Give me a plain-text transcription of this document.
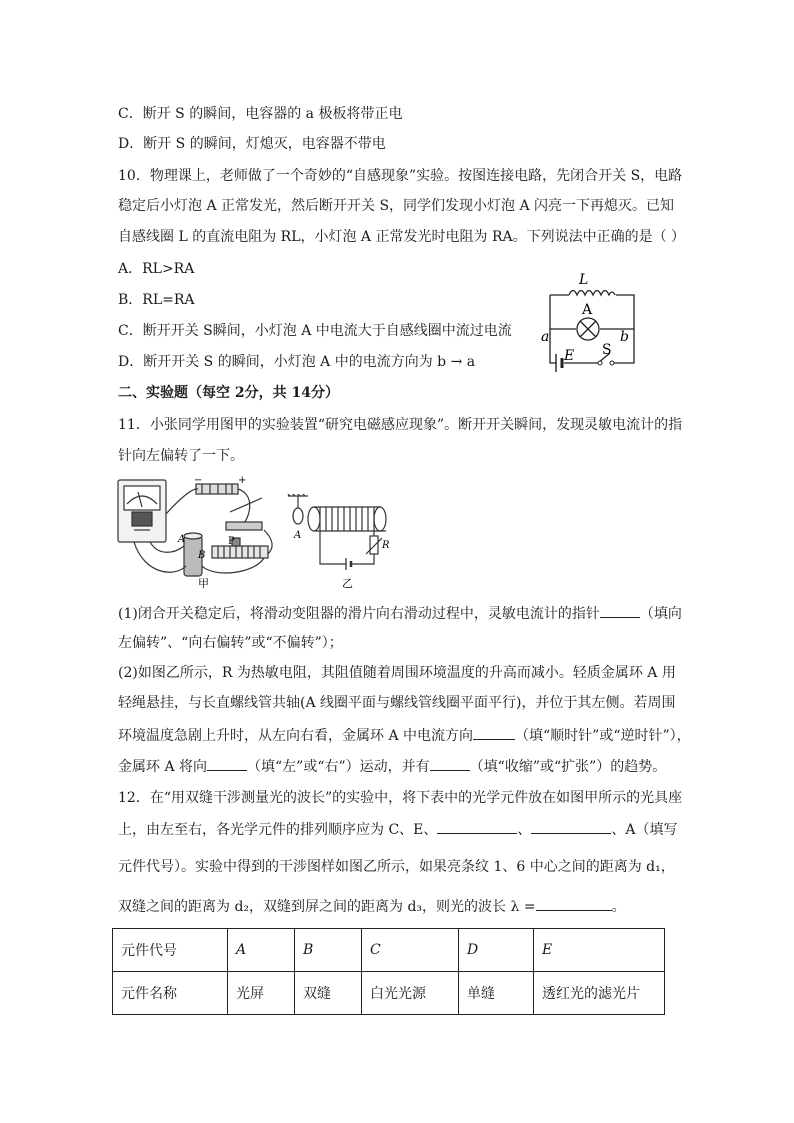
C．断开 S 的瞬间，电容器的 a 极板将带正电
D．断开 S 的瞬间，灯熄灭，电容器不带电
10．物理课上，老师做了一个奇妙的“自感现象”实验。按图连接电路，先闭合开关 S，电路
稳定后小灯泡 A 正常发光，然后断开开关 S，同学们发现小灯泡 A 闪亮一下再熄灭。已知
自感线圈 L 的直流电阻为 RL，小灯泡 A 正常发光时电阻为 RA。下列说法中正确的是（ ）
A．RL>RA
B．RL=RA
C．断开开关 S瞬间，小灯泡 A 中电流大于自感线圈中流过电流
D．断开开关 S 的瞬间，小灯泡 A 中的电流方向为 b → a
L
A
a	b
E S
二、实验题（每空 2分，共 14分）
11．小张同学用图甲的实验装置“研究电磁感应现象”。断开开关瞬间，发现灵敏电流计的指
针向左偏转了一下。
−	+
A
B
P
甲
A
R
乙
(1)闭合开关稳定后，将滑动变阻器的滑片向右滑动过程中，灵敏电流计的指针	（填向
左偏转”、“向右偏转”或“不偏转”）；
(2)如图乙所示，R 为热敏电阻，其阻值随着周围环境温度的升高而减小。轻质金属环 A 用
轻绳悬挂，与长直螺线管共轴(A 线圈平面与螺线管线圈平面平行)，并位于其左侧。若周围
环境温度急剧上升时，从左向右看，金属环 A 中电流方向	（填“顺时针”或“逆时针”），
金属环 A 将向	（填“左”或“右”）运动，并有	（填“收缩”或“扩张”）的趋势。
12．在“用双缝干涉测量光的波长”的实验中，将下表中的光学元件放在如图甲所示的光具座
上，由左至右，各光学元件的排列顺序应为 C、E、	、	、A（填写
元件代号）。实验中得到的干涉图样如图乙所示，如果亮条纹 1、6 中心之间的距离为 d₁，
双缝之间的距离为 d₂，双缝到屏之间的距离为 d₃，则光的波长 λ =	。
元件代号	A	B	C	D	E
元件名称	光屏	双缝	白光光源	单缝	透红光的滤光片
